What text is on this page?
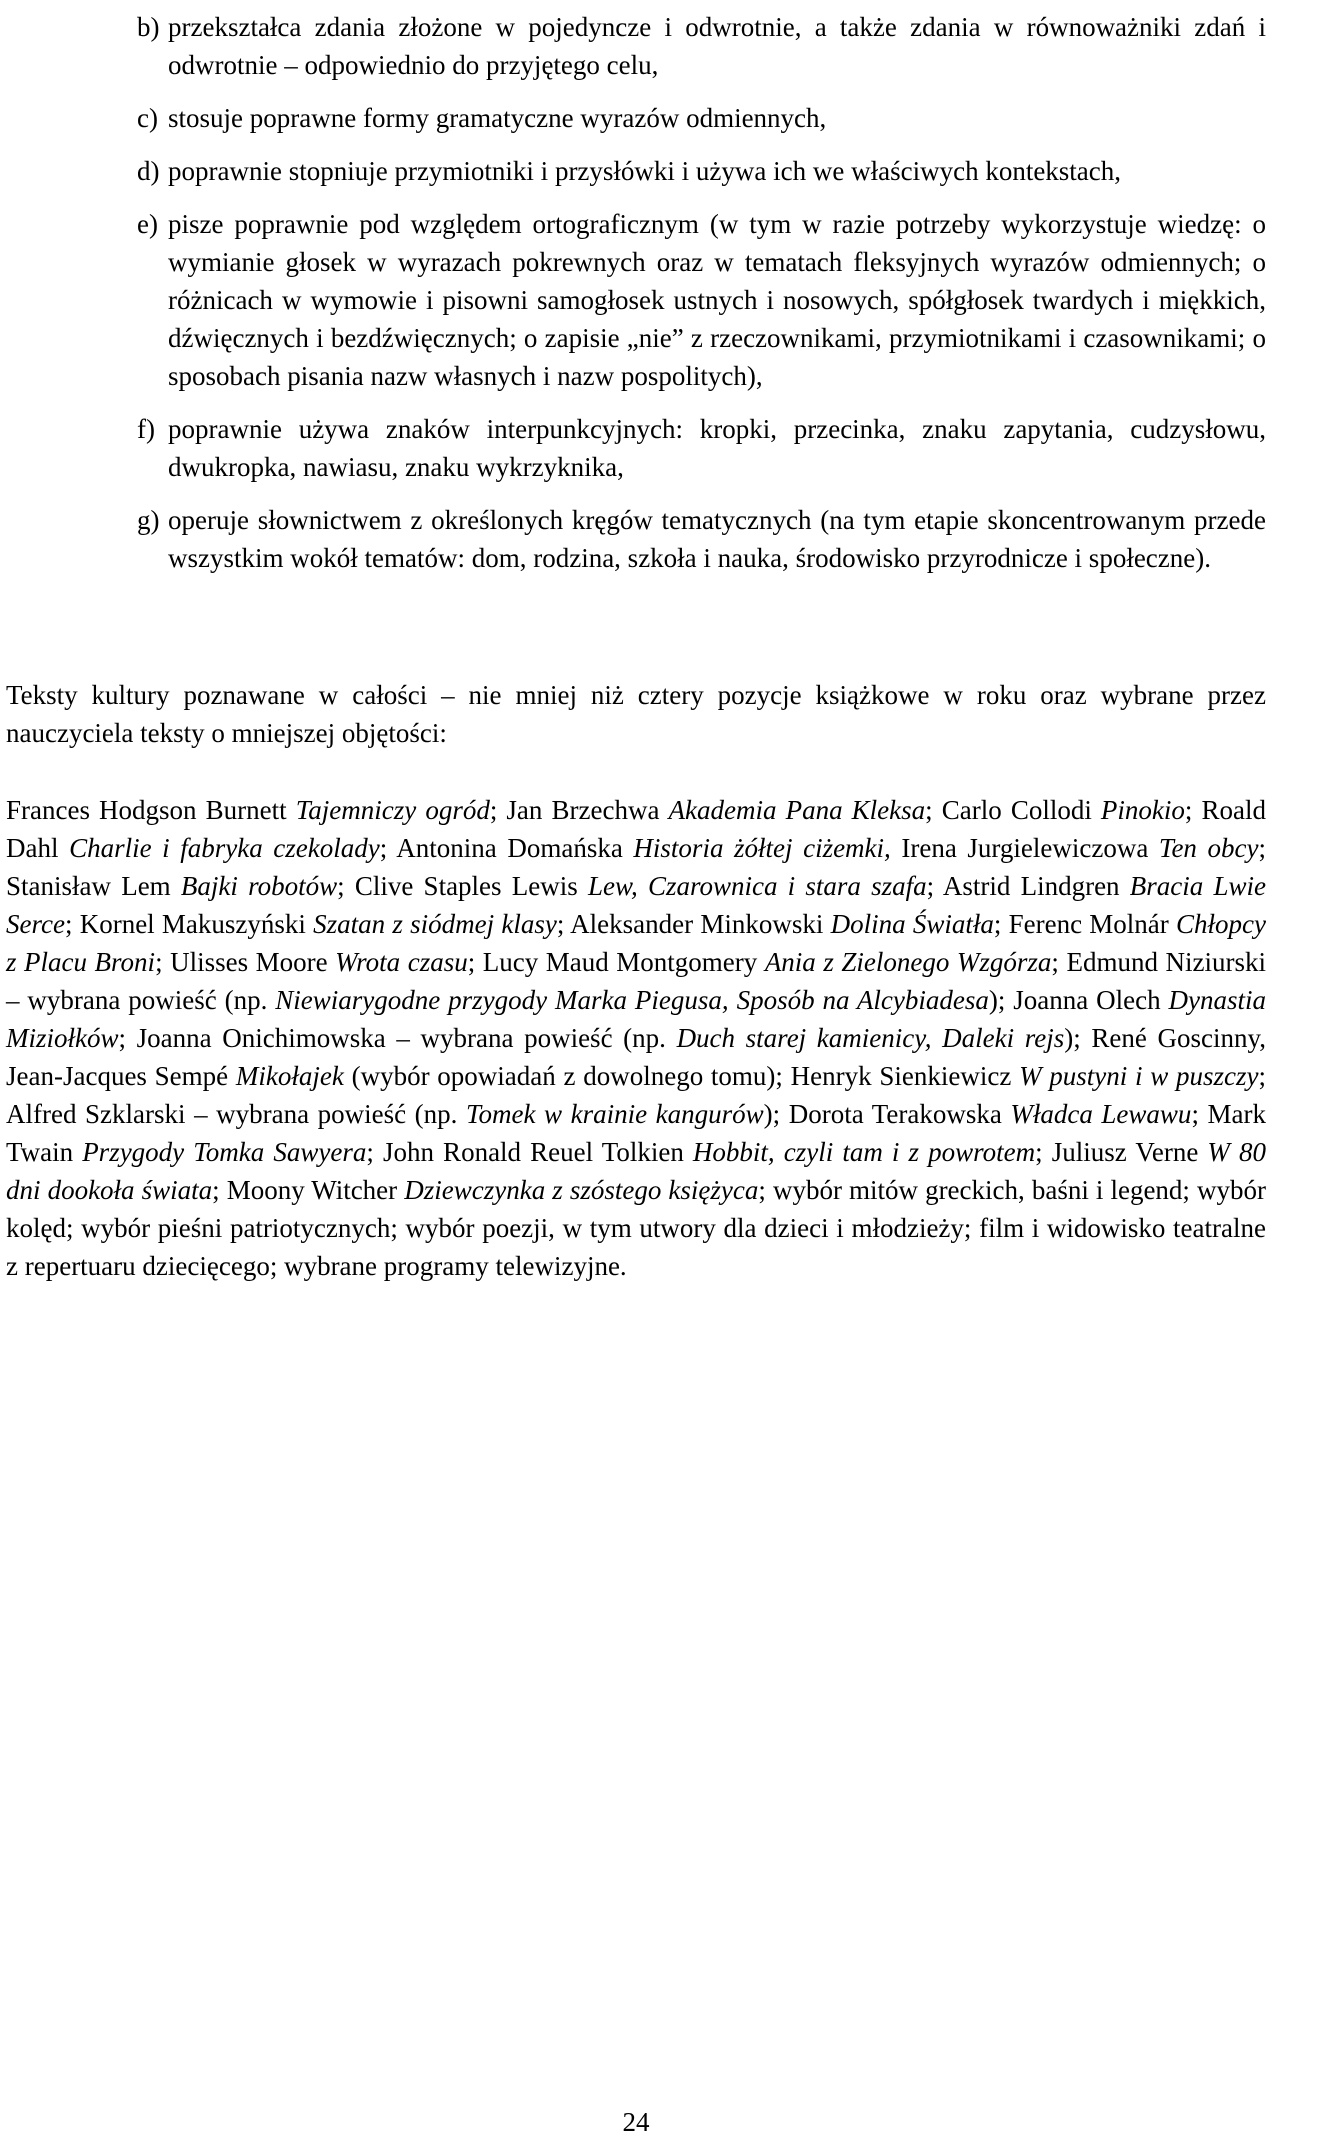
b) przekształca zdania złożone w pojedyncze i odwrotnie, a także zdania w równoważniki zdań i odwrotnie – odpowiednio do przyjętego celu,
c) stosuje poprawne formy gramatyczne wyrazów odmiennych,
d) poprawnie stopniuje przymiotniki i przysłówki i używa ich we właściwych kontekstach,
e) pisze poprawnie pod względem ortograficznym (w tym w razie potrzeby wykorzystuje wiedzę: o wymianie głosek w wyrazach pokrewnych oraz w tematach fleksyjnych wyrazów odmiennych; o różnicach w wymowie i pisowni samogłosek ustnych i nosowych, spółgłosek twardych i miękkich, dźwięcznych i bezdźwięcznych; o zapisie „nie” z rzeczownikami, przymiotnikami i czasownikami; o sposobach pisania nazw własnych i nazw pospolitych),
f) poprawnie używa znaków interpunkcyjnych: kropki, przecinka, znaku zapytania, cudzysłowu, dwukropka, nawiasu, znaku wykrzyknika,
g) operuje słownictwem z określonych kręgów tematycznych (na tym etapie skoncentrowanym przede wszystkim wokół tematów: dom, rodzina, szkoła i nauka, środowisko przyrodnicze i społeczne).

Teksty kultury poznawane w całości – nie mniej niż cztery pozycje książkowe w roku oraz wybrane przez nauczyciela teksty o mniejszej objętości:

Frances Hodgson Burnett Tajemniczy ogród; Jan Brzechwa Akademia Pana Kleksa; Carlo Collodi Pinokio; Roald Dahl Charlie i fabryka czekolady; Antonina Domańska Historia żółtej ciżemki, Irena Jurgielewiczowa Ten obcy; Stanisław Lem Bajki robotów; Clive Staples Lewis Lew, Czarownica i stara szafa; Astrid Lindgren Bracia Lwie Serce; Kornel Makuszyński Szatan z siódmej klasy; Aleksander Minkowski Dolina Światła; Ferenc Molnár Chłopcy z Placu Broni; Ulisses Moore Wrota czasu; Lucy Maud Montgomery Ania z Zielonego Wzgórza; Edmund Niziurski – wybrana powieść (np. Niewiarygodne przygody Marka Piegusa, Sposób na Alcybiadesa); Joanna Olech Dynastia Miziołków; Joanna Onichimowska – wybrana powieść (np. Duch starej kamienicy, Daleki rejs); René Goscinny, Jean-Jacques Sempé Mikołajek (wybór opowiadań z dowolnego tomu); Henryk Sienkiewicz W pustyni i w puszczy; Alfred Szklarski – wybrana powieść (np. Tomek w krainie kangurów); Dorota Terakowska Władca Lewawu; Mark Twain Przygody Tomka Sawyera; John Ronald Reuel Tolkien Hobbit, czyli tam i z powrotem; Juliusz Verne W 80 dni dookoła świata; Moony Witcher Dziewczynka z szóstego księżyca; wybór mitów greckich, baśni i legend; wybór kolęd; wybór pieśni patriotycznych; wybór poezji, w tym utwory dla dzieci i młodzieży; film i widowisko teatralne z repertuaru dziecięcego; wybrane programy telewizyjne.

24
